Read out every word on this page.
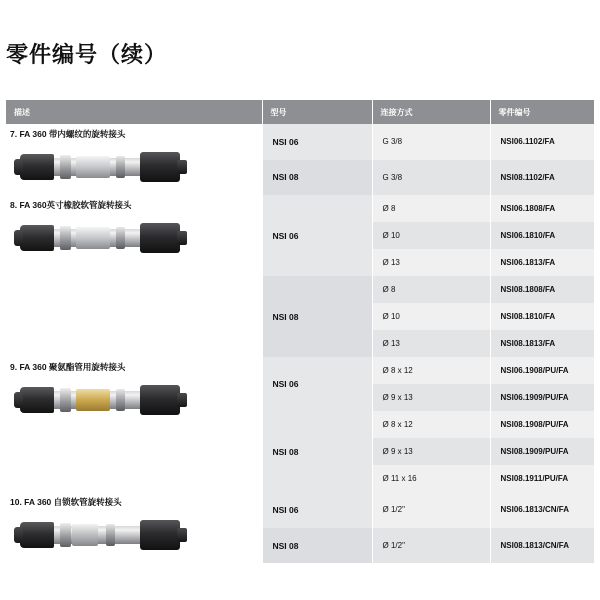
零件编号（续）
描述	型号	连接方式	零件编号

7. FA 360 带内螺纹的旋转接头	NSI 06	G 3/8	NSI06.1102/FA
	NSI 08	G 3/8	NSI08.1102/FA

8. FA 360英寸橡胶软管旋转接头	NSI 06	Ø 8	NSI06.1808/FA
		Ø 10	NSI06.1810/FA
		Ø 13	NSI06.1813/FA
	NSI 08	Ø 8	NSI08.1808/FA
		Ø 10	NSI08.1810/FA
		Ø 13	NSI08.1813/FA

9. FA 360 聚氨酯管用旋转接头	NSI 06	Ø 8 x 12	NSI06.1908/PU/FA
		Ø 9 x 13	NSI06.1909/PU/FA
	NSI 08	Ø 8 x 12	NSI08.1908/PU/FA
		Ø 9 x 13	NSI08.1909/PU/FA
		Ø 11 x 16	NSI08.1911/PU/FA

10. FA 360 自锁软管旋转接头	NSI 06	Ø 1/2"	NSI06.1813/CN/FA
	NSI 08	Ø 1/2"	NSI08.1813/CN/FA
